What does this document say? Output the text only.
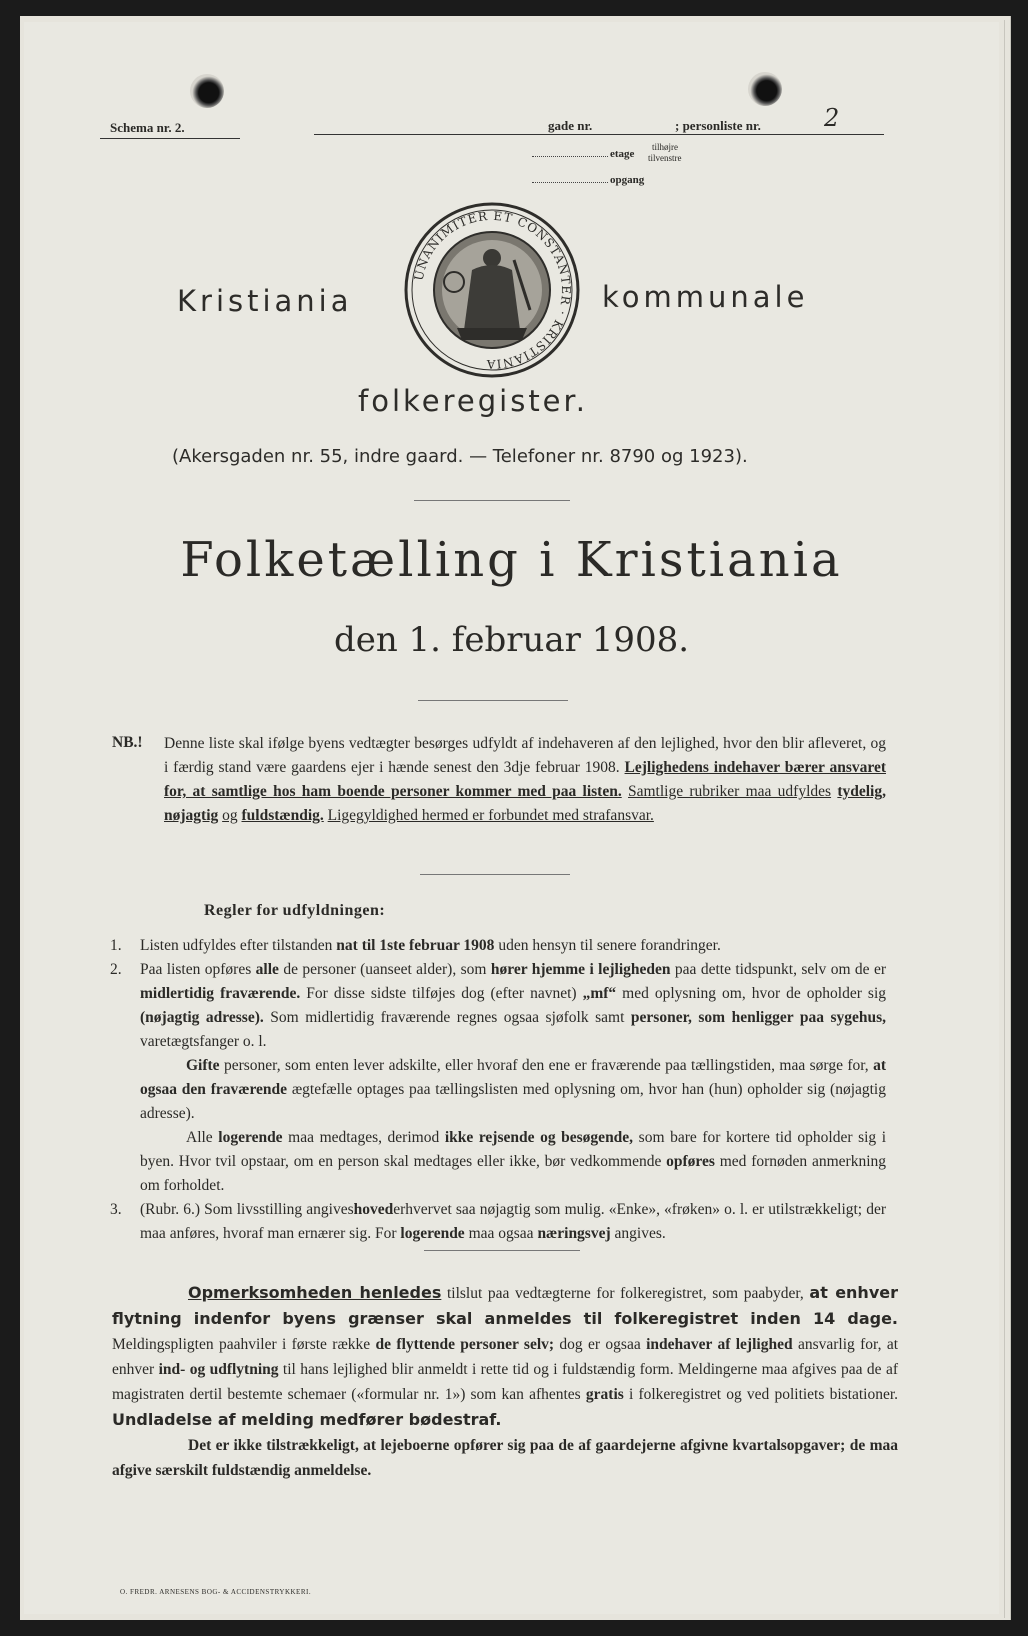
Schema nr. 2.	gade nr.	; personliste nr.	2
etage
tilhøjre
tilvenstre
opgang
Kristiania	kommunale
UNANIMITER ET CONSTANTER · KRISTIANIA
folkeregister.
(Akersgaden nr. 55, indre gaard. — Telefoner nr. 8790 og 1923).
Folketælling i Kristiania
den 1. februar 1908.
NB.! Denne liste skal ifølge byens vedtægter besørges udfyldt af indehaveren af den lejlighed, hvor den blir afleveret, og i færdig stand være gaardens ejer i hænde senest den 3dje februar 1908. Lejlighedens indehaver bærer ansvaret for, at samtlige hos ham boende personer kommer med paa listen. Samtlige rubriker maa udfyldes tydelig, nøjagtig og fuldstændig. Ligegyldighed hermed er forbundet med strafansvar.
Regler for udfyldningen:
1. Listen udfyldes efter tilstanden nat til 1ste februar 1908 uden hensyn til senere forandringer.
2. Paa listen opføres alle de personer (uanseet alder), som hører hjemme i lejligheden paa dette tidspunkt, selv om de er midlertidig fraværende. For disse sidste tilføjes dog (efter navnet) „mf“ med oplysning om, hvor de opholder sig (nøjagtig adresse). Som midlertidig fraværende regnes ogsaa sjøfolk samt personer, som henligger paa sygehus, varetægtsfanger o. l.
Gifte personer, som enten lever adskilte, eller hvoraf den ene er fraværende paa tællingstiden, maa sørge for, at ogsaa den fraværende ægtefælle optages paa tællingslisten med oplysning om, hvor han (hun) opholder sig (nøjagtig adresse).
Alle logerende maa medtages, derimod ikke rejsende og besøgende, som bare for kortere tid opholder sig i byen. Hvor tvil opstaar, om en person skal medtages eller ikke, bør vedkommende opføres med fornøden anmerkning om forholdet.
3. (Rubr. 6.) Som livsstilling angiveshovederhvervet saa nøjagtig som mulig. «Enke», «frøken» o. l. er utilstrækkeligt; der maa anføres, hvoraf man ernærer sig. For logerende maa ogsaa næringsvej angives.
Opmerksomheden henledes tilslut paa vedtægterne for folkeregistret, som paabyder, at enhver flytning indenfor byens grænser skal anmeldes til folkeregistret inden 14 dage. Meldingspligten paahviler i første række de flyttende personer selv; dog er ogsaa indehaver af lejlighed ansvarlig for, at enhver ind- og udflytning til hans lejlighed blir anmeldt i rette tid og i fuldstændig form. Meldingerne maa afgives paa de af magistraten dertil bestemte schemaer («formular nr. 1») som kan afhentes gratis i folkeregistret og ved politiets bistationer. Undladelse af melding medfører bødestraf.
Det er ikke tilstrækkeligt, at lejeboerne opfører sig paa de af gaardejerne afgivne kvartalsopgaver; de maa afgive særskilt fuldstændig anmeldelse.
O. FREDR. ARNESENS BOG- & ACCIDENSTRYKKERI.
